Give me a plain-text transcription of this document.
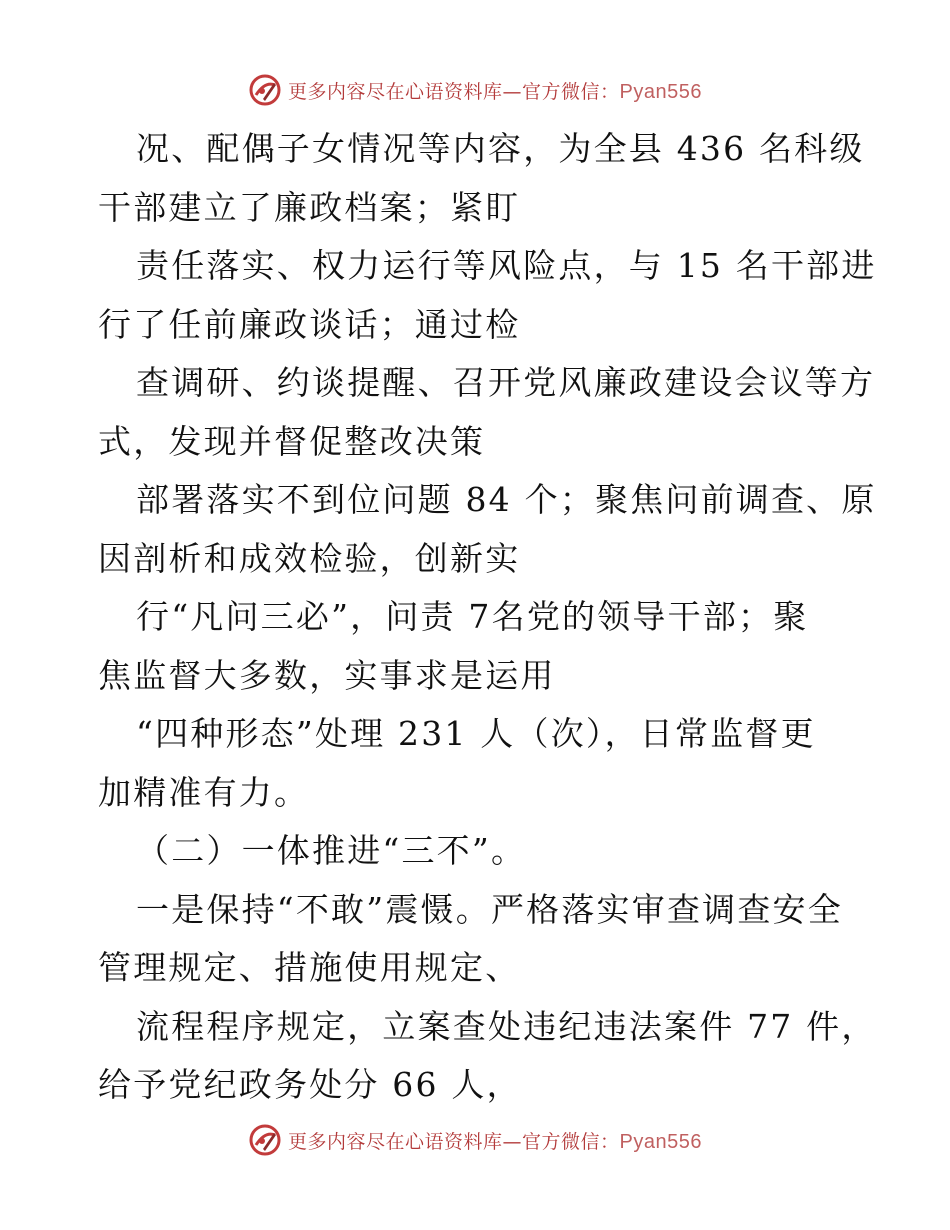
更多内容尽在心语资料库—官方微信：Pyan556

况、配偶子女情况等内容，为全县 436 名科级
干部建立了廉政档案；紧盯

责任落实、权力运行等风险点，与 15 名干部进
行了任前廉政谈话；通过检

查调研、约谈提醒、召开党风廉政建设会议等方
式，发现并督促整改决策

部署落实不到位问题 84 个；聚焦问前调查、原
因剖析和成效检验，创新实

行“凡问三必”，问责 7名党的领导干部；聚
焦监督大多数，实事求是运用

“四种形态”处理 231 人（次），日常监督更
加精准有力。

（二）一体推进“三不”。

一是保持“不敢”震慑。严格落实审查调查安全
管理规定、措施使用规定、

流程程序规定，立案查处违纪违法案件 77 件，
给予党纪政务处分 66 人，

更多内容尽在心语资料库—官方微信：Pyan556
